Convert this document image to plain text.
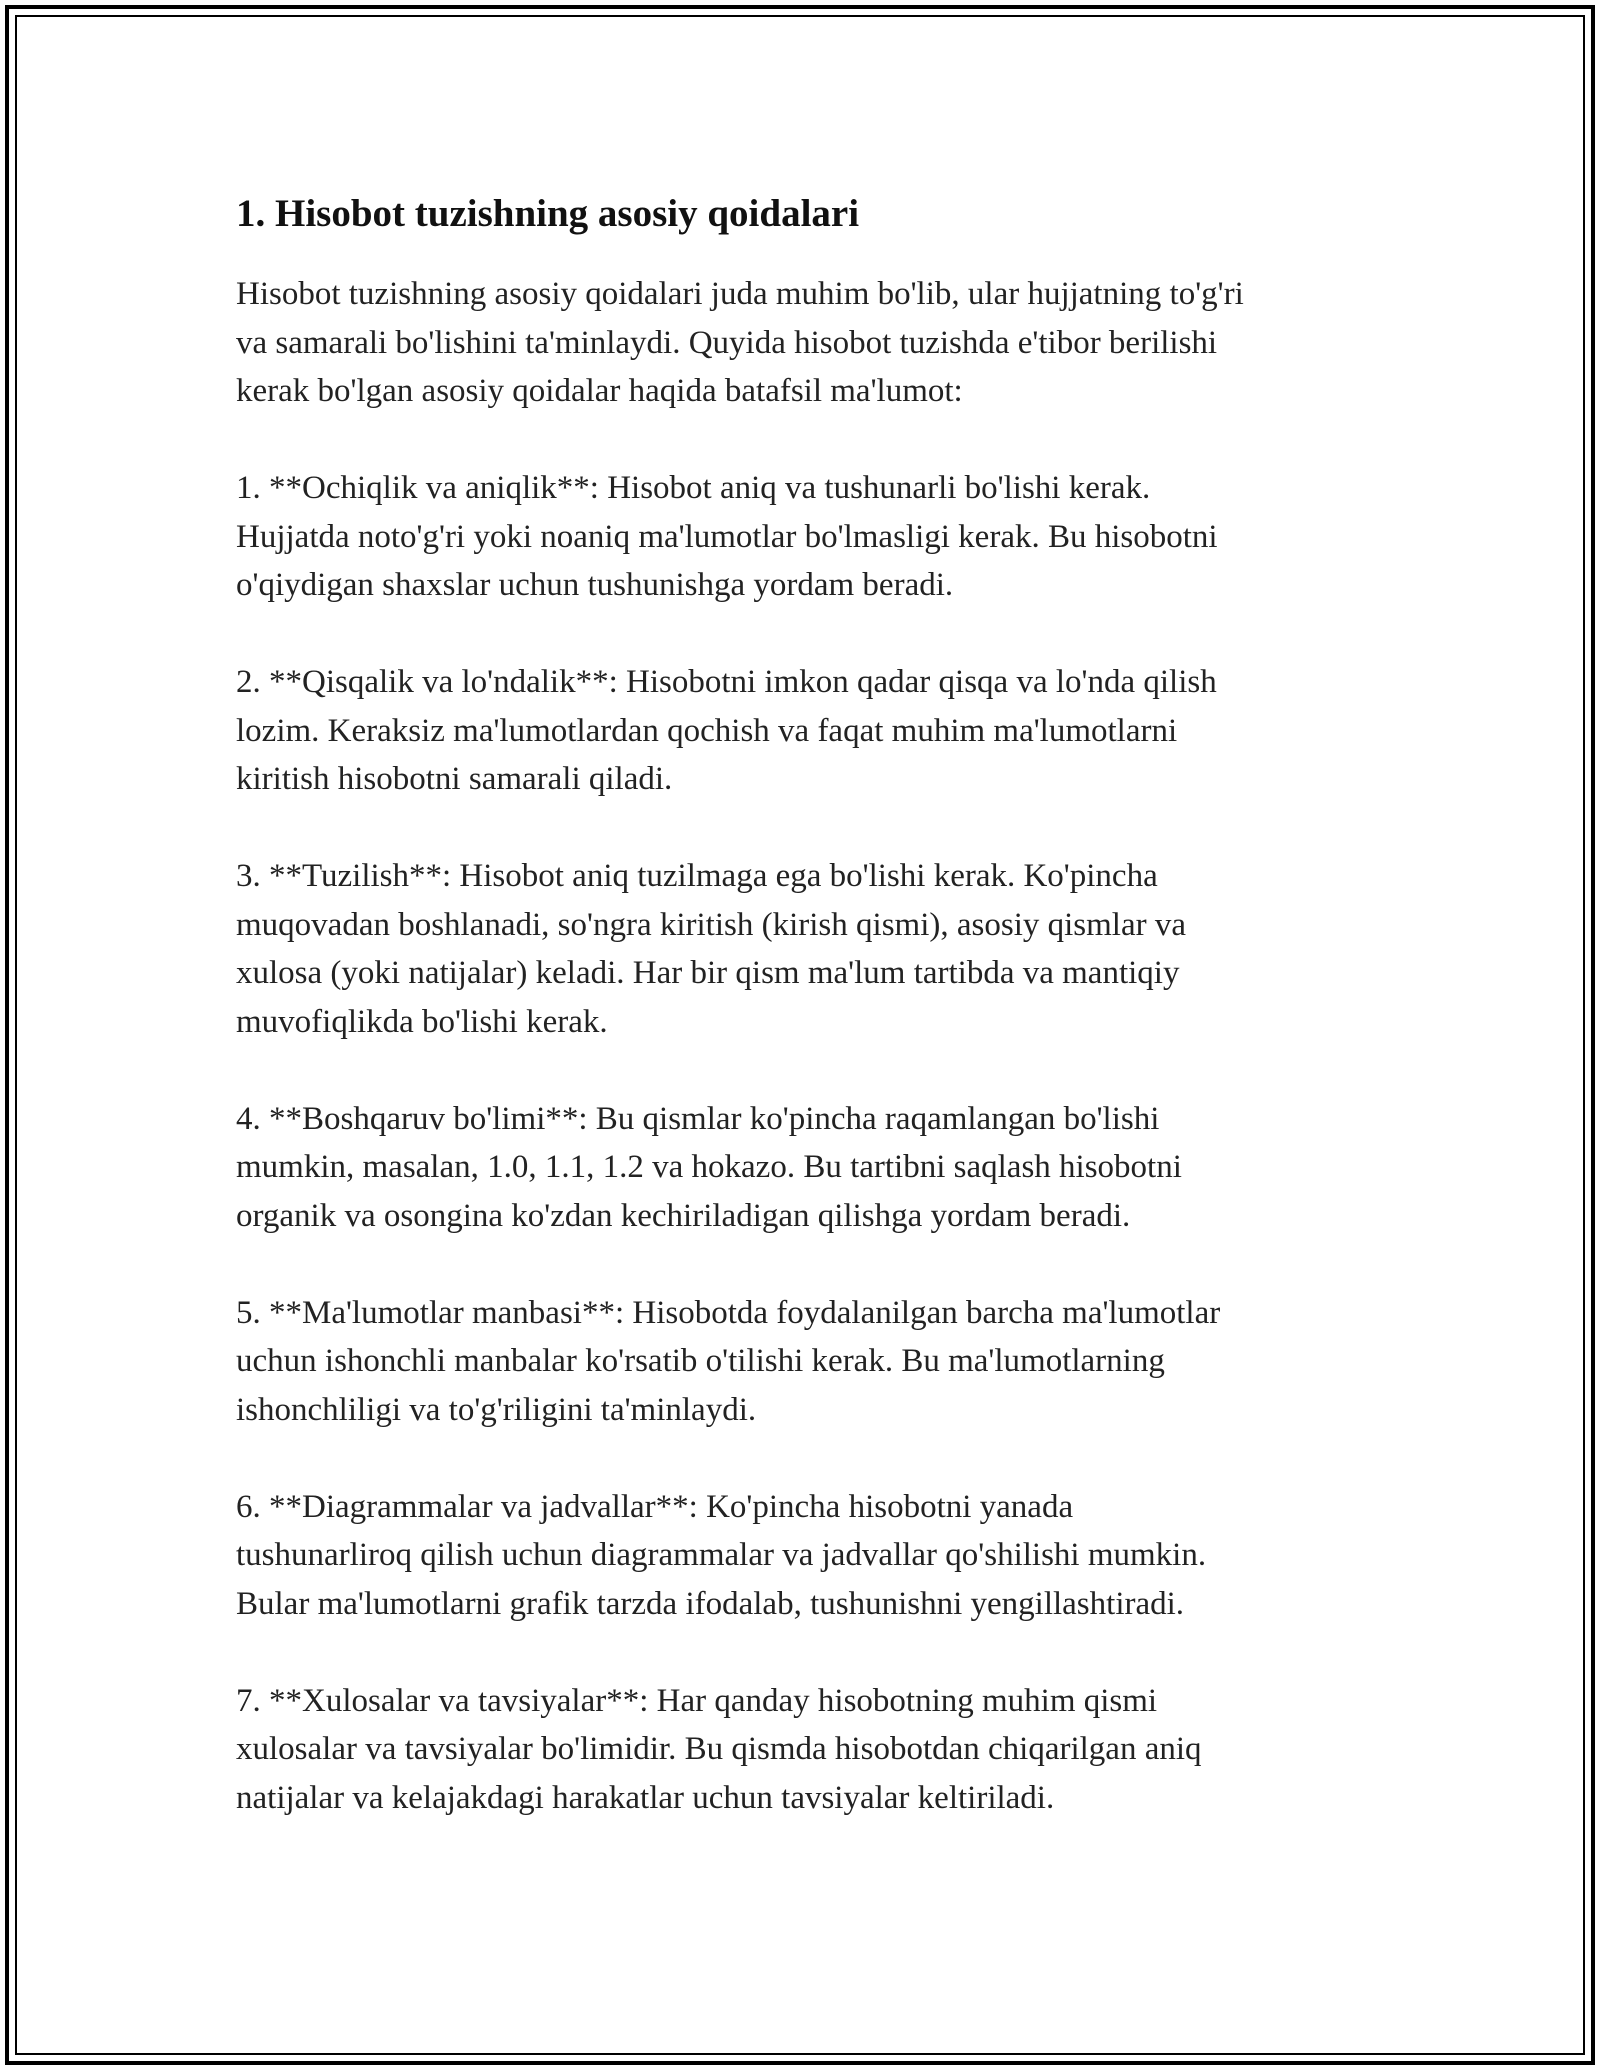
1. Hisobot tuzishning asosiy qoidalari

Hisobot tuzishning asosiy qoidalari juda muhim bo'lib, ular hujjatning to'g'ri
va samarali bo'lishini ta'minlaydi. Quyida hisobot tuzishda e'tibor berilishi
kerak bo'lgan asosiy qoidalar haqida batafsil ma'lumot:

1. **Ochiqlik va aniqlik**: Hisobot aniq va tushunarli bo'lishi kerak.
Hujjatda noto'g'ri yoki noaniq ma'lumotlar bo'lmasligi kerak. Bu hisobotni
o'qiydigan shaxslar uchun tushunishga yordam beradi.

2. **Qisqalik va lo'ndalik**: Hisobotni imkon qadar qisqa va lo'nda qilish
lozim. Keraksiz ma'lumotlardan qochish va faqat muhim ma'lumotlarni
kiritish hisobotni samarali qiladi.

3. **Tuzilish**: Hisobot aniq tuzilmaga ega bo'lishi kerak. Ko'pincha
muqovadan boshlanadi, so'ngra kiritish (kirish qismi), asosiy qismlar va
xulosa (yoki natijalar) keladi. Har bir qism ma'lum tartibda va mantiqiy
muvofiqlikda bo'lishi kerak.

4. **Boshqaruv bo'limi**: Bu qismlar ko'pincha raqamlangan bo'lishi
mumkin, masalan, 1.0, 1.1, 1.2 va hokazo. Bu tartibni saqlash hisobotni
organik va osongina ko'zdan kechiriladigan qilishga yordam beradi.

5. **Ma'lumotlar manbasi**: Hisobotda foydalanilgan barcha ma'lumotlar
uchun ishonchli manbalar ko'rsatib o'tilishi kerak. Bu ma'lumotlarning
ishonchliligi va to'g'riligini ta'minlaydi.

6. **Diagrammalar va jadvallar**: Ko'pincha hisobotni yanada
tushunarliroq qilish uchun diagrammalar va jadvallar qo'shilishi mumkin.
Bular ma'lumotlarni grafik tarzda ifodalab, tushunishni yengillashtiradi.

7. **Xulosalar va tavsiyalar**: Har qanday hisobotning muhim qismi
xulosalar va tavsiyalar bo'limidir. Bu qismda hisobotdan chiqarilgan aniq
natijalar va kelajakdagi harakatlar uchun tavsiyalar keltiriladi.
